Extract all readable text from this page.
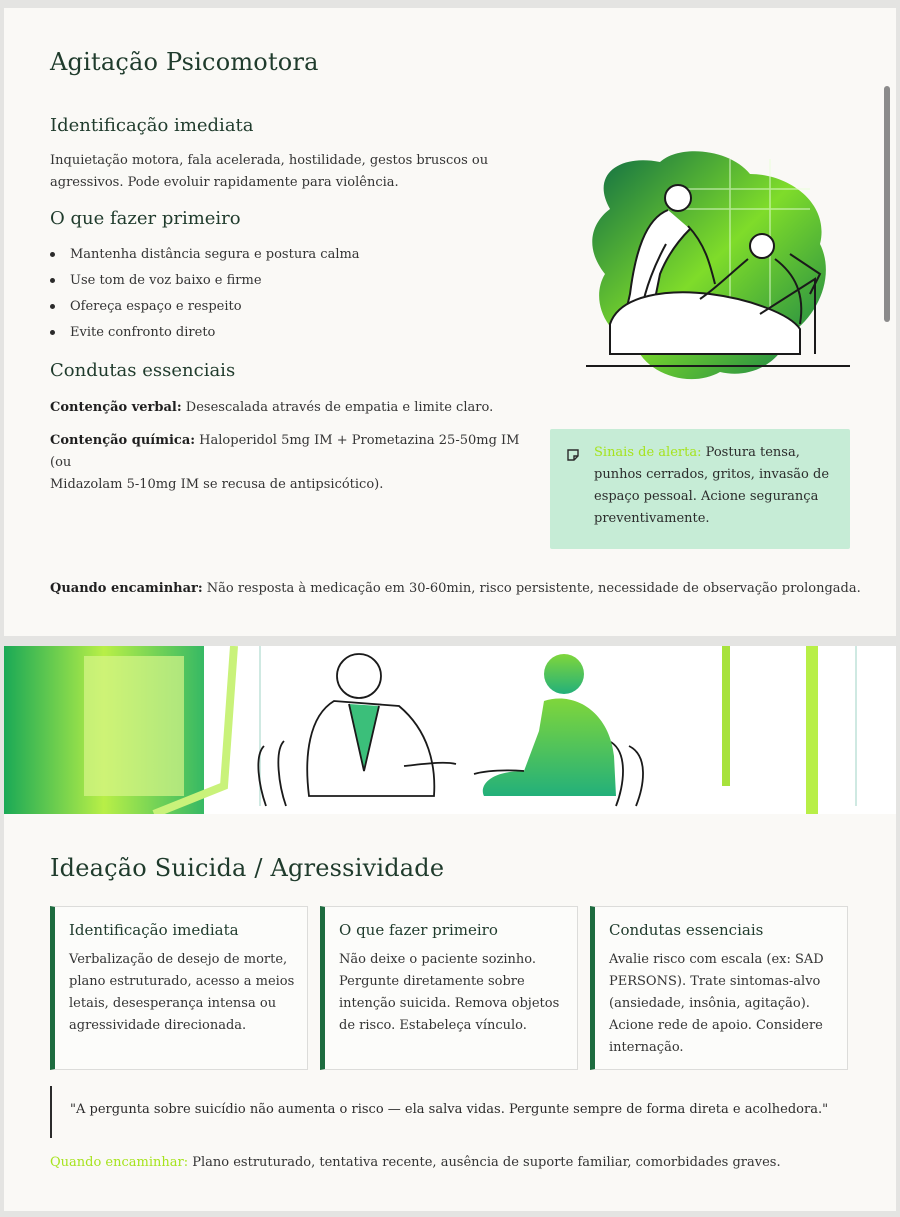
Agitação Psicomotora
Identificação imediata
Inquietação motora, fala acelerada, hostilidade, gestos bruscos ou
agressivos. Pode evoluir rapidamente para violência.
O que fazer primeiro
Mantenha distância segura e postura calma
Use tom de voz baixo e firme
Ofereça espaço e respeito
Evite confronto direto
Condutas essenciais
Contenção verbal: Desescalada através de empatia e limite claro.
Contenção química: Haloperidol 5mg IM + Prometazina 25-50mg IM (ou
Midazolam 5-10mg IM se recusa de antipsicótico).
Sinais de alerta: Postura tensa,
punhos cerrados, gritos, invasão de
espaço pessoal. Acione segurança
preventivamente.
Quando encaminhar: Não resposta à medicação em 30-60min, risco persistente, necessidade de observação prolongada.
Ideação Suicida / Agressividade
Identificação imediata
Verbalização de desejo de morte,
plano estruturado, acesso a meios
letais, desesperança intensa ou
agressividade direcionada.
O que fazer primeiro
Não deixe o paciente sozinho.
Pergunte diretamente sobre
intenção suicida. Remova objetos
de risco. Estabeleça vínculo.
Condutas essenciais
Avalie risco com escala (ex: SAD
PERSONS). Trate sintomas-alvo
(ansiedade, insônia, agitação).
Acione rede de apoio. Considere
internação.
"A pergunta sobre suicídio não aumenta o risco — ela salva vidas. Pergunte sempre de forma direta e acolhedora."
Quando encaminhar: Plano estruturado, tentativa recente, ausência de suporte familiar, comorbidades graves.
